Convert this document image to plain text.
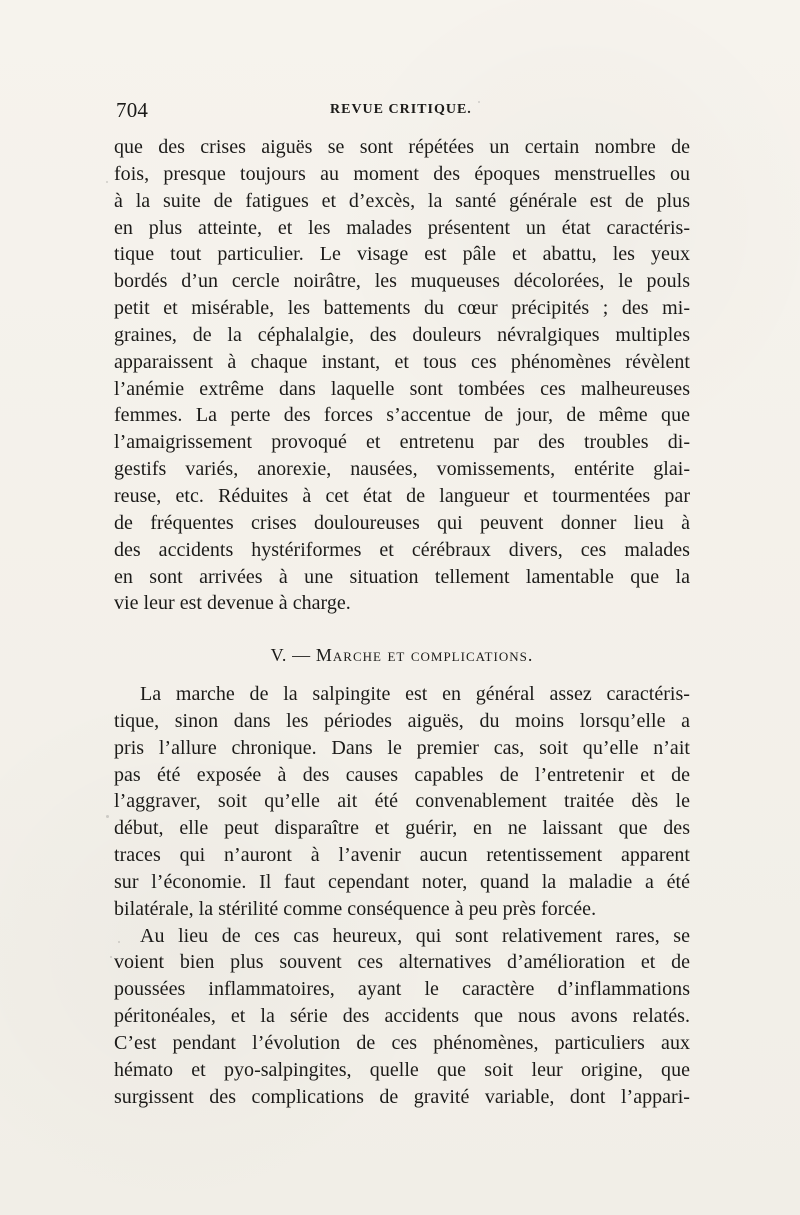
704	REVUE CRITIQUE.
que des crises aiguës se sont répétées un certain nombre de
fois, presque toujours au moment des époques menstruelles ou
à la suite de fatigues et d’excès, la santé générale est de plus
en plus atteinte, et les malades présentent un état caractéris-
tique tout particulier. Le visage est pâle et abattu, les yeux
bordés d’un cercle noirâtre, les muqueuses décolorées, le pouls
petit et misérable, les battements du cœur précipités ; des mi-
graines, de la céphalalgie, des douleurs névralgiques multiples
apparaissent à chaque instant, et tous ces phénomènes révèlent
l’anémie extrême dans laquelle sont tombées ces malheureuses
femmes. La perte des forces s’accentue de jour, de même que
l’amaigrissement provoqué et entretenu par des troubles di-
gestifs variés, anorexie, nausées, vomissements, entérite glai-
reuse, etc. Réduites à cet état de langueur et tourmentées par
de fréquentes crises douloureuses qui peuvent donner lieu à
des accidents hystériformes et cérébraux divers, ces malades
en sont arrivées à une situation tellement lamentable que la
vie leur est devenue à charge.
V. — Marche et complications.
La marche de la salpingite est en général assez caractéris-
tique, sinon dans les périodes aiguës, du moins lorsqu’elle a
pris l’allure chronique. Dans le premier cas, soit qu’elle n’ait
pas été exposée à des causes capables de l’entretenir et de
l’aggraver, soit qu’elle ait été convenablement traitée dès le
début, elle peut disparaître et guérir, en ne laissant que des
traces qui n’auront à l’avenir aucun retentissement apparent
sur l’économie. Il faut cependant noter, quand la maladie a été
bilatérale, la stérilité comme conséquence à peu près forcée.
Au lieu de ces cas heureux, qui sont relativement rares, se
voient bien plus souvent ces alternatives d’amélioration et de
poussées inflammatoires, ayant le caractère d’inflammations
péritonéales, et la série des accidents que nous avons relatés.
C’est pendant l’évolution de ces phénomènes, particuliers aux
hémato et pyo-salpingites, quelle que soit leur origine, que
surgissent des complications de gravité variable, dont l’appari-
